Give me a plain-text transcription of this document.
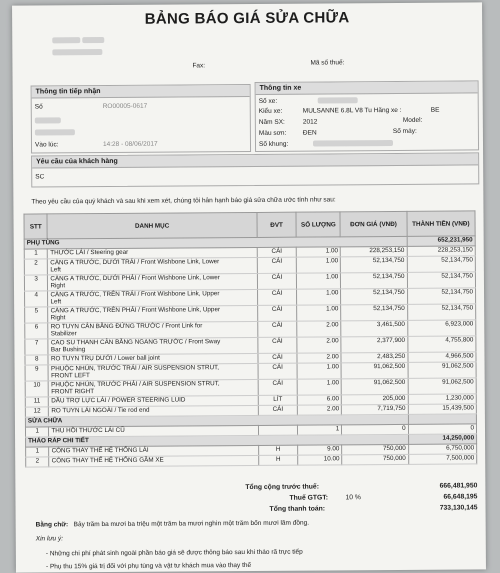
BẢNG BÁO GIÁ SỬA CHỮA

Fax:	Mã số thuế:
Thông tin tiếp nhận
Số	RO00005-0617
Vào lúc:	14:28 - 08/06/2017
Thông tin xe
Số xe:
Kiểu xe:	MULSANNE 6.8L V8 Tu Hãng xe :	BE
Năm SX:	2012	Model:
Màu sơn:	ĐEN	Số máy:
Số khung:
Yêu cầu của khách hàng
SC
Theo yêu cầu của quý khách và sau khi xem xét, chúng tôi hân hạnh báo giá sửa chữa ước tính như sau:
STT	DANH MỤC	ĐVT	SỐ LƯỢNG	ĐƠN GIÁ (VNĐ)	THÀNH TIỀN (VNĐ)
PHỤ TÙNG					652,231,950
1	THƯỚC LÁI / Steering gear	CÁI	1.00	228,253,150	228,253,150
2	CÀNG A TRƯỚC, DƯỚI TRÁI / Front Wishbone Link, Lower
Left	CÁI	1.00	52,134,750	52,134,750
3	CÀNG A TRƯỚC, DƯỚI PHẢI / Front Wishbone Link, Lower
Right	CÁI	1.00	52,134,750	52,134,750
4	CÀNG A TRƯỚC, TRÊN TRÁI / Front Wishbone Link, Upper
Left	CÁI	1.00	52,134,750	52,134,750
5	CÀNG A TRƯỚC, TRÊN PHẢI / Front Wishbone Link, Upper
Right	CÁI	1.00	52,134,750	52,134,750
6	RO TUYN CÂN BẰNG ĐỨNG TRƯỚC / Front Link for
Stabilizer	CÁI	2.00	3,461,500	6,923,000
7	CAO SU THANH CÂN BẰNG NGANG TRƯỚC / Front Sway
Bar Bushing	CÁI	2.00	2,377,900	4,755,800
8	RO TUYN TRỤ DƯỚI / Lower ball joint	CÁI	2.00	2,483,250	4,966,500
9	PHUỘC NHÚN, TRƯỚC TRÁI / AIR SUSPENSION STRUT,
FRONT LEFT	CÁI	1.00	91,062,500	91,062,500
10	PHUỘC NHÚN, TRƯỚC PHẢI / AIR SUSPENSION STRUT,
FRONT RIGHT	CÁI	1.00	91,062,500	91,062,500
11	DẦU TRỢ LỰC LÁI / POWER STEERING LUID	LÍT	6.00	205,000	1,230,000
12	RO TUYN LÁI NGOÀI / Tie rod end	CÁI	2.00	7,719,750	15,439,500
SỬA CHỮA					
1	THU HỒI THƯỚC LÁI CŨ		1	0	0
THÁO RÁP CHI TIẾT					14,250,000
1	CÔNG THAY THẾ HỆ THỐNG LÁI	H	9.00	750,000	6,750,000
2	CÔNG THAY THẾ HỆ THỐNG GẦM XE	H	10.00	750,000	7,500,000
Tổng cộng trước thuế:	666,481,950
Thuế GTGT:	10 %	66,648,195
Tổng thanh toán:	733,130,145
Bằng chữ: Bảy trăm ba mươi ba triệu một trăm ba mươi nghìn một trăm bốn mươi lăm đồng.
Xin lưu ý:
- Những chi phí phát sinh ngoài phần báo giá sẽ được thông báo sau khi tháo rã trực tiếp
- Phụ thu 15% giá trị đối với phụ tùng và vật tư khách mua vào thay thế
